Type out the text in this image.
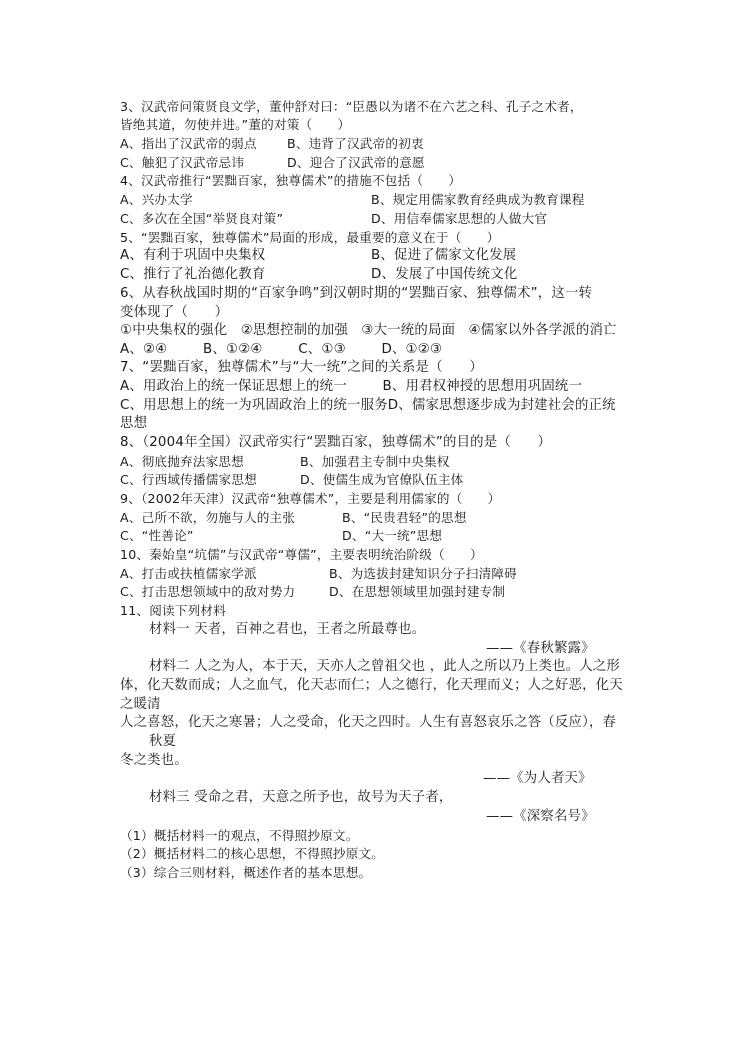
3、汉武帝问策贤良文学，董仲舒对曰：“臣愚以为诸不在六艺之科、孔子之术者，
皆绝其道，勿使并进。”董的对策（      ）
A、指出了汉武帝的弱点 B、违背了汉武帝的初衷
C、触犯了汉武帝忌讳	D、迎合了汉武帝的意愿
4、汉武帝推行“罢黜百家，独尊儒术”的措施不包括（      ）
A、兴办太学	B、规定用儒家教育经典成为教育课程
C、多次在全国“举贤良对策”	D、用信奉儒家思想的人做大官
5、“罢黜百家，独尊儒术”局面的形成，最重要的意义在于（      ）
A、有利于巩固中央集权	B、促进了儒家文化发展
C、推行了礼治德化教育	D、发展了中国传统文化
6、从春秋战国时期的“百家争鸣”到汉朝时期的“罢黜百家、独尊儒术”，这一转
变体现了（      ）
①中央集权的强化   ②思想控制的加强   ③大一统的局面   ④儒家以外各学派的消亡
A、②④        B、①②④        C、①③        D、①②③
7、“罢黜百家，独尊儒术”与“大一统”之间的关系是（      ）
A、用政治上的统一保证思想上的统一        B、用君权神授的思想用巩固统一
C、用思想上的统一为巩固政治上的统一服务D、儒家思想逐步成为封建社会的正统
思想
8、（2004年全国）汉武帝实行“罢黜百家，独尊儒术”的目的是（      ）
A、彻底抛弃法家思想	B、加强君主专制中央集权
C、行西域传播儒家思想	D、使儒生成为官僚队伍主体
9、（2002年天津）汉武帝“独尊儒术”，主要是利用儒家的（      ）
A、己所不欲，勿施与人的主张	B、“民贵君轻”的思想
C、“性善论”	D、“大一统”思想
10、秦始皇“坑儒”与汉武帝“尊儒”，主要表明统治阶级（      ）
A、打击或扶植儒家学派	B、为选拔封建知识分子扫清障碍
C、打击思想领域中的敌对势力	D、在思想领域里加强封建专制
11、阅读下列材料
材料一 天者，百神之君也，王者之所最尊也。
——《春秋繁露》
材料二 人之为人，本于天，天亦人之曾祖父也 ，此人之所以乃上类也。人之形
体，化天数而成；人之血气，化天志而仁；人之德行，化天理而义；人之好恶，化天
之暖清
人之喜怒，化天之寒暑；人之受命，化天之四时。人生有喜怒哀乐之答（反应），春
秋夏
冬之类也。
——《为人者天》
材料三 受命之君，天意之所予也，故号为天子者，
——《深察名号》
（1）概括材料一的观点，不得照抄原文。
（2）概括材料二的核心思想，不得照抄原文。
（3）综合三则材料，概述作者的基本思想。
